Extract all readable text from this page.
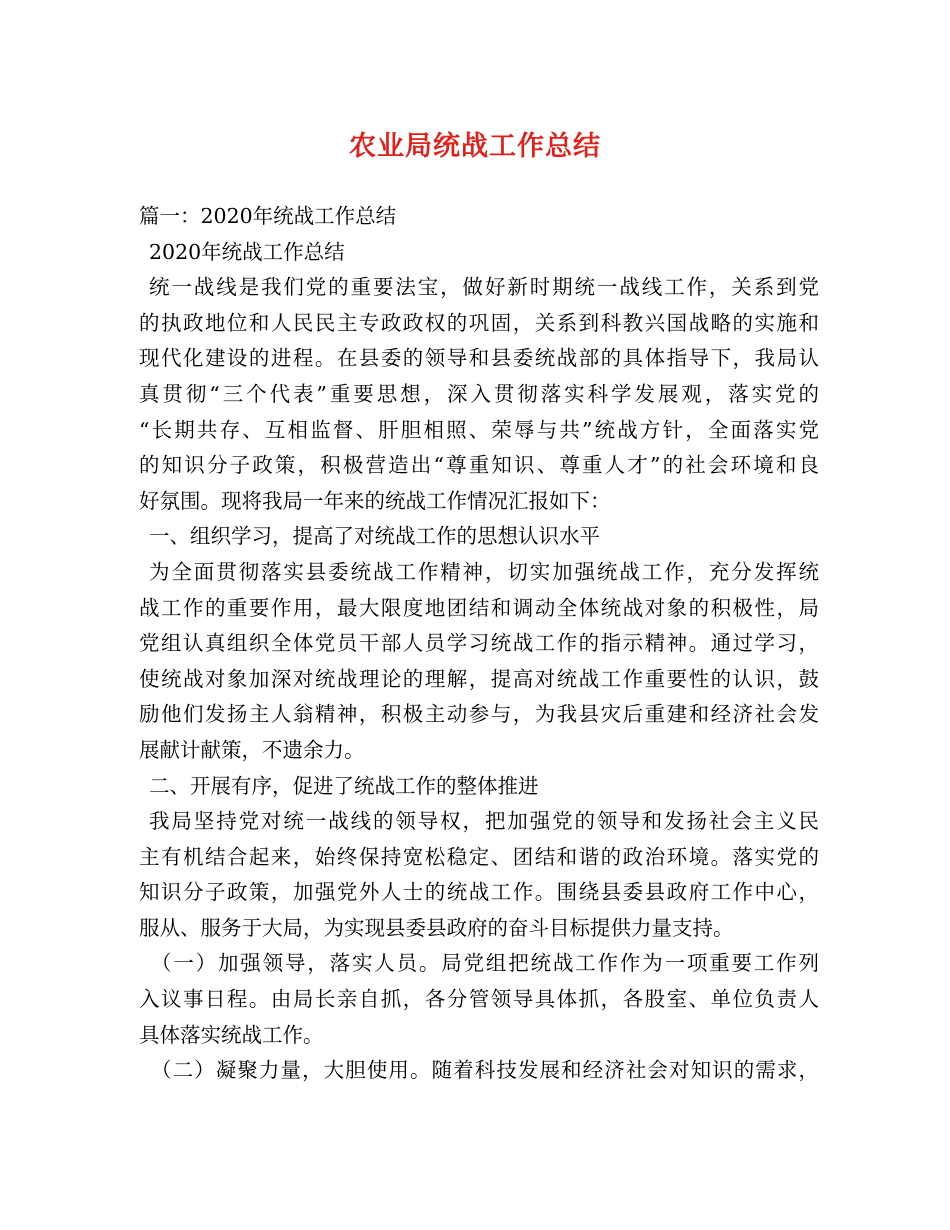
农业局统战工作总结
篇一：2020年统战工作总结
2020年统战工作总结
统一战线是我们党的重要法宝，做好新时期统一战线工作，关系到党
的执政地位和人民民主专政政权的巩固，关系到科教兴国战略的实施和
现代化建设的进程。在县委的领导和县委统战部的具体指导下，我局认
真贯彻“三个代表”重要思想，深入贯彻落实科学发展观，落实党的
“长期共存、互相监督、肝胆相照、荣辱与共”统战方针，全面落实党
的知识分子政策，积极营造出“尊重知识、尊重人才”的社会环境和良
好氛围。现将我局一年来的统战工作情况汇报如下：
一、组织学习，提高了对统战工作的思想认识水平
为全面贯彻落实县委统战工作精神，切实加强统战工作，充分发挥统
战工作的重要作用，最大限度地团结和调动全体统战对象的积极性，局
党组认真组织全体党员干部人员学习统战工作的指示精神。通过学习，
使统战对象加深对统战理论的理解，提高对统战工作重要性的认识，鼓
励他们发扬主人翁精神，积极主动参与，为我县灾后重建和经济社会发
展献计献策，不遗余力。
二、开展有序，促进了统战工作的整体推进
我局坚持党对统一战线的领导权，把加强党的领导和发扬社会主义民
主有机结合起来，始终保持宽松稳定、团结和谐的政治环境。落实党的
知识分子政策，加强党外人士的统战工作。围绕县委县政府工作中心，
服从、服务于大局，为实现县委县政府的奋斗目标提供力量支持。
（一）加强领导，落实人员。局党组把统战工作作为一项重要工作列
入议事日程。由局长亲自抓，各分管领导具体抓，各股室、单位负责人
具体落实统战工作。
（二）凝聚力量，大胆使用。随着科技发展和经济社会对知识的需求，
